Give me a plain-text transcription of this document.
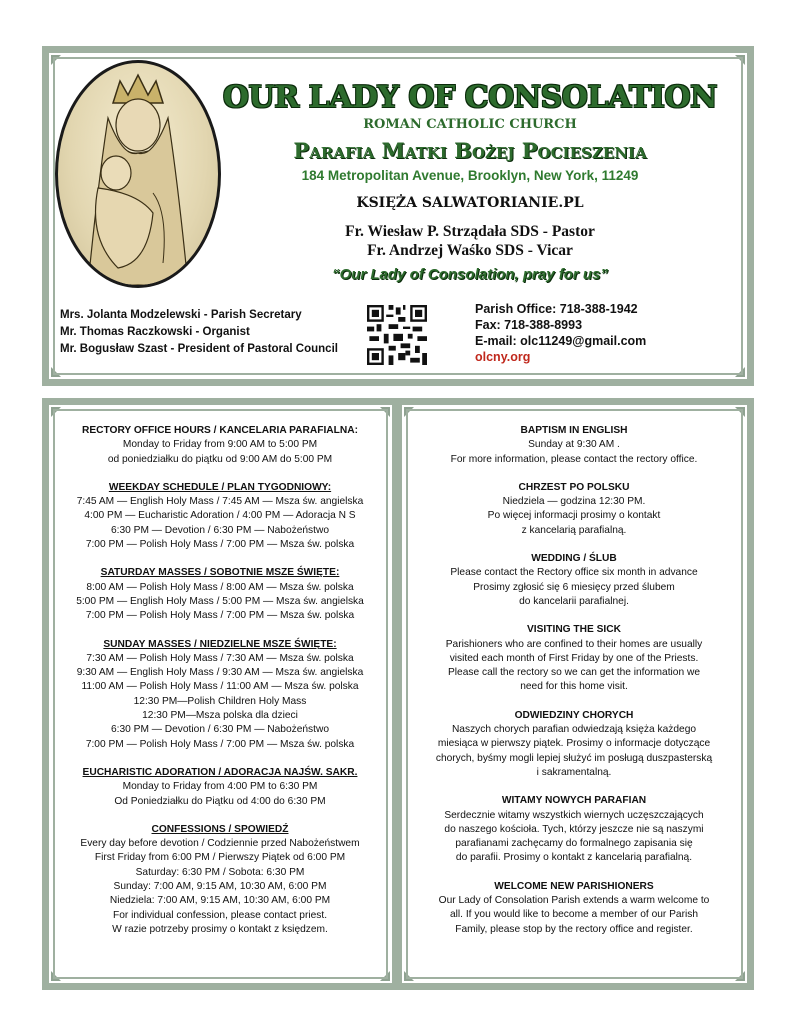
OUR LADY OF CONSOLATION
ROMAN CATHOLIC CHURCH
Parafia Matki Bożej Pocieszenia
184 Metropolitan Avenue, Brooklyn, New York, 11249
KSIĘŻA SALWATORIANIE.PL
Fr. Wiesław P. Strządała SDS - Pastor
Fr. Andrzej Waśko SDS - Vicar
“Our Lady of Consolation, pray for us”
Mrs. Jolanta Modzelewski - Parish Secretary
Mr. Thomas Raczkowski - Organist
Mr. Bogusław Szast - President of Pastoral Council
Parish Office: 718-388-1942
Fax: 718-388-8993
E-mail: olc11249@gmail.com
olcny.org
RECTORY OFFICE HOURS / KANCELARIA PARAFIALNA:
Monday to Friday from 9:00 AM to 5:00 PM
od poniedziałku do piątku od 9:00 AM do 5:00 PM
WEEKDAY SCHEDULE / PLAN TYGODNIOWY:
7:45 AM — English Holy Mass / 7:45 AM — Msza św. angielska
4:00 PM — Eucharistic Adoration / 4:00 PM — Adoracja N S
6:30 PM — Devotion / 6:30 PM — Nabożeństwo
7:00 PM — Polish Holy Mass / 7:00 PM — Msza św. polska
SATURDAY MASSES / SOBOTNIE MSZE ŚWIĘTE:
8:00 AM — Polish Holy Mass / 8:00 AM — Msza św. polska
5:00 PM — English Holy Mass / 5:00 PM — Msza św. angielska
7:00 PM — Polish Holy Mass / 7:00 PM — Msza św. polska
SUNDAY MASSES / NIEDZIELNE MSZE ŚWIĘTE:
7:30 AM — Polish Holy Mass / 7:30 AM — Msza św. polska
9:30 AM — English Holy Mass / 9:30 AM — Msza św. angielska
11:00 AM — Polish Holy Mass / 11:00 AM — Msza św. polska
12:30 PM—Polish Children Holy Mass
12:30 PM—Msza polska dla dzieci
6:30 PM — Devotion / 6:30 PM — Nabożeństwo
7:00 PM — Polish Holy Mass / 7:00 PM — Msza św. polska
EUCHARISTIC ADORATION / ADORACJA NAJŚW. SAKR.
Monday to Friday from 4:00 PM to 6:30 PM
Od Poniedziałku do Piątku od 4:00 do 6:30 PM
CONFESSIONS / SPOWIEDŹ
Every day before devotion / Codziennie przed Nabożeństwem
First Friday from 6:00 PM / Pierwszy Piątek od 6:00 PM
Saturday: 6:30 PM / Sobota: 6:30 PM
Sunday: 7:00 AM, 9:15 AM, 10:30 AM, 6:00 PM
Niedziela: 7:00 AM, 9:15 AM, 10:30 AM, 6:00 PM
For individual confession, please contact priest.
W razie potrzeby prosimy o kontakt z księdzem.
BAPTISM IN ENGLISH
Sunday at 9:30 AM .
For more information, please contact the rectory office.
CHRZEST PO POLSKU
Niedziela — godzina 12:30 PM.
Po więcej informacji prosimy o kontakt
z kancelarią parafialną.
WEDDING / ŚLUB
Please contact the Rectory office six month in advance
Prosimy zgłosić się 6 miesięcy przed ślubem
do kancelarii parafialnej.
VISITING THE SICK
Parishioners who are confined to their homes are usually
visited each month of First Friday by one of the Priests.
Please call the rectory so we can get the information we
need for this home visit.
ODWIEDZINY CHORYCH
Naszych chorych parafian odwiedzają księża każdego
miesiąca w pierwszy piątek. Prosimy o informacje dotyczące
chorych, byśmy mogli lepiej służyć im posługą duszpasterską
i sakramentalną.
WITAMY NOWYCH PARAFIAN
Serdecznie witamy wszystkich wiernych uczęszczających
do naszego kościoła. Tych, którzy jeszcze nie są naszymi
parafianami zachęcamy do formalnego zapisania się
do parafii. Prosimy o kontakt z kancelarią parafialną.
WELCOME NEW PARISHIONERS
Our Lady of Consolation Parish extends a warm welcome to
all. If you would like to become a member of our Parish
Family, please stop by the rectory office and register.
